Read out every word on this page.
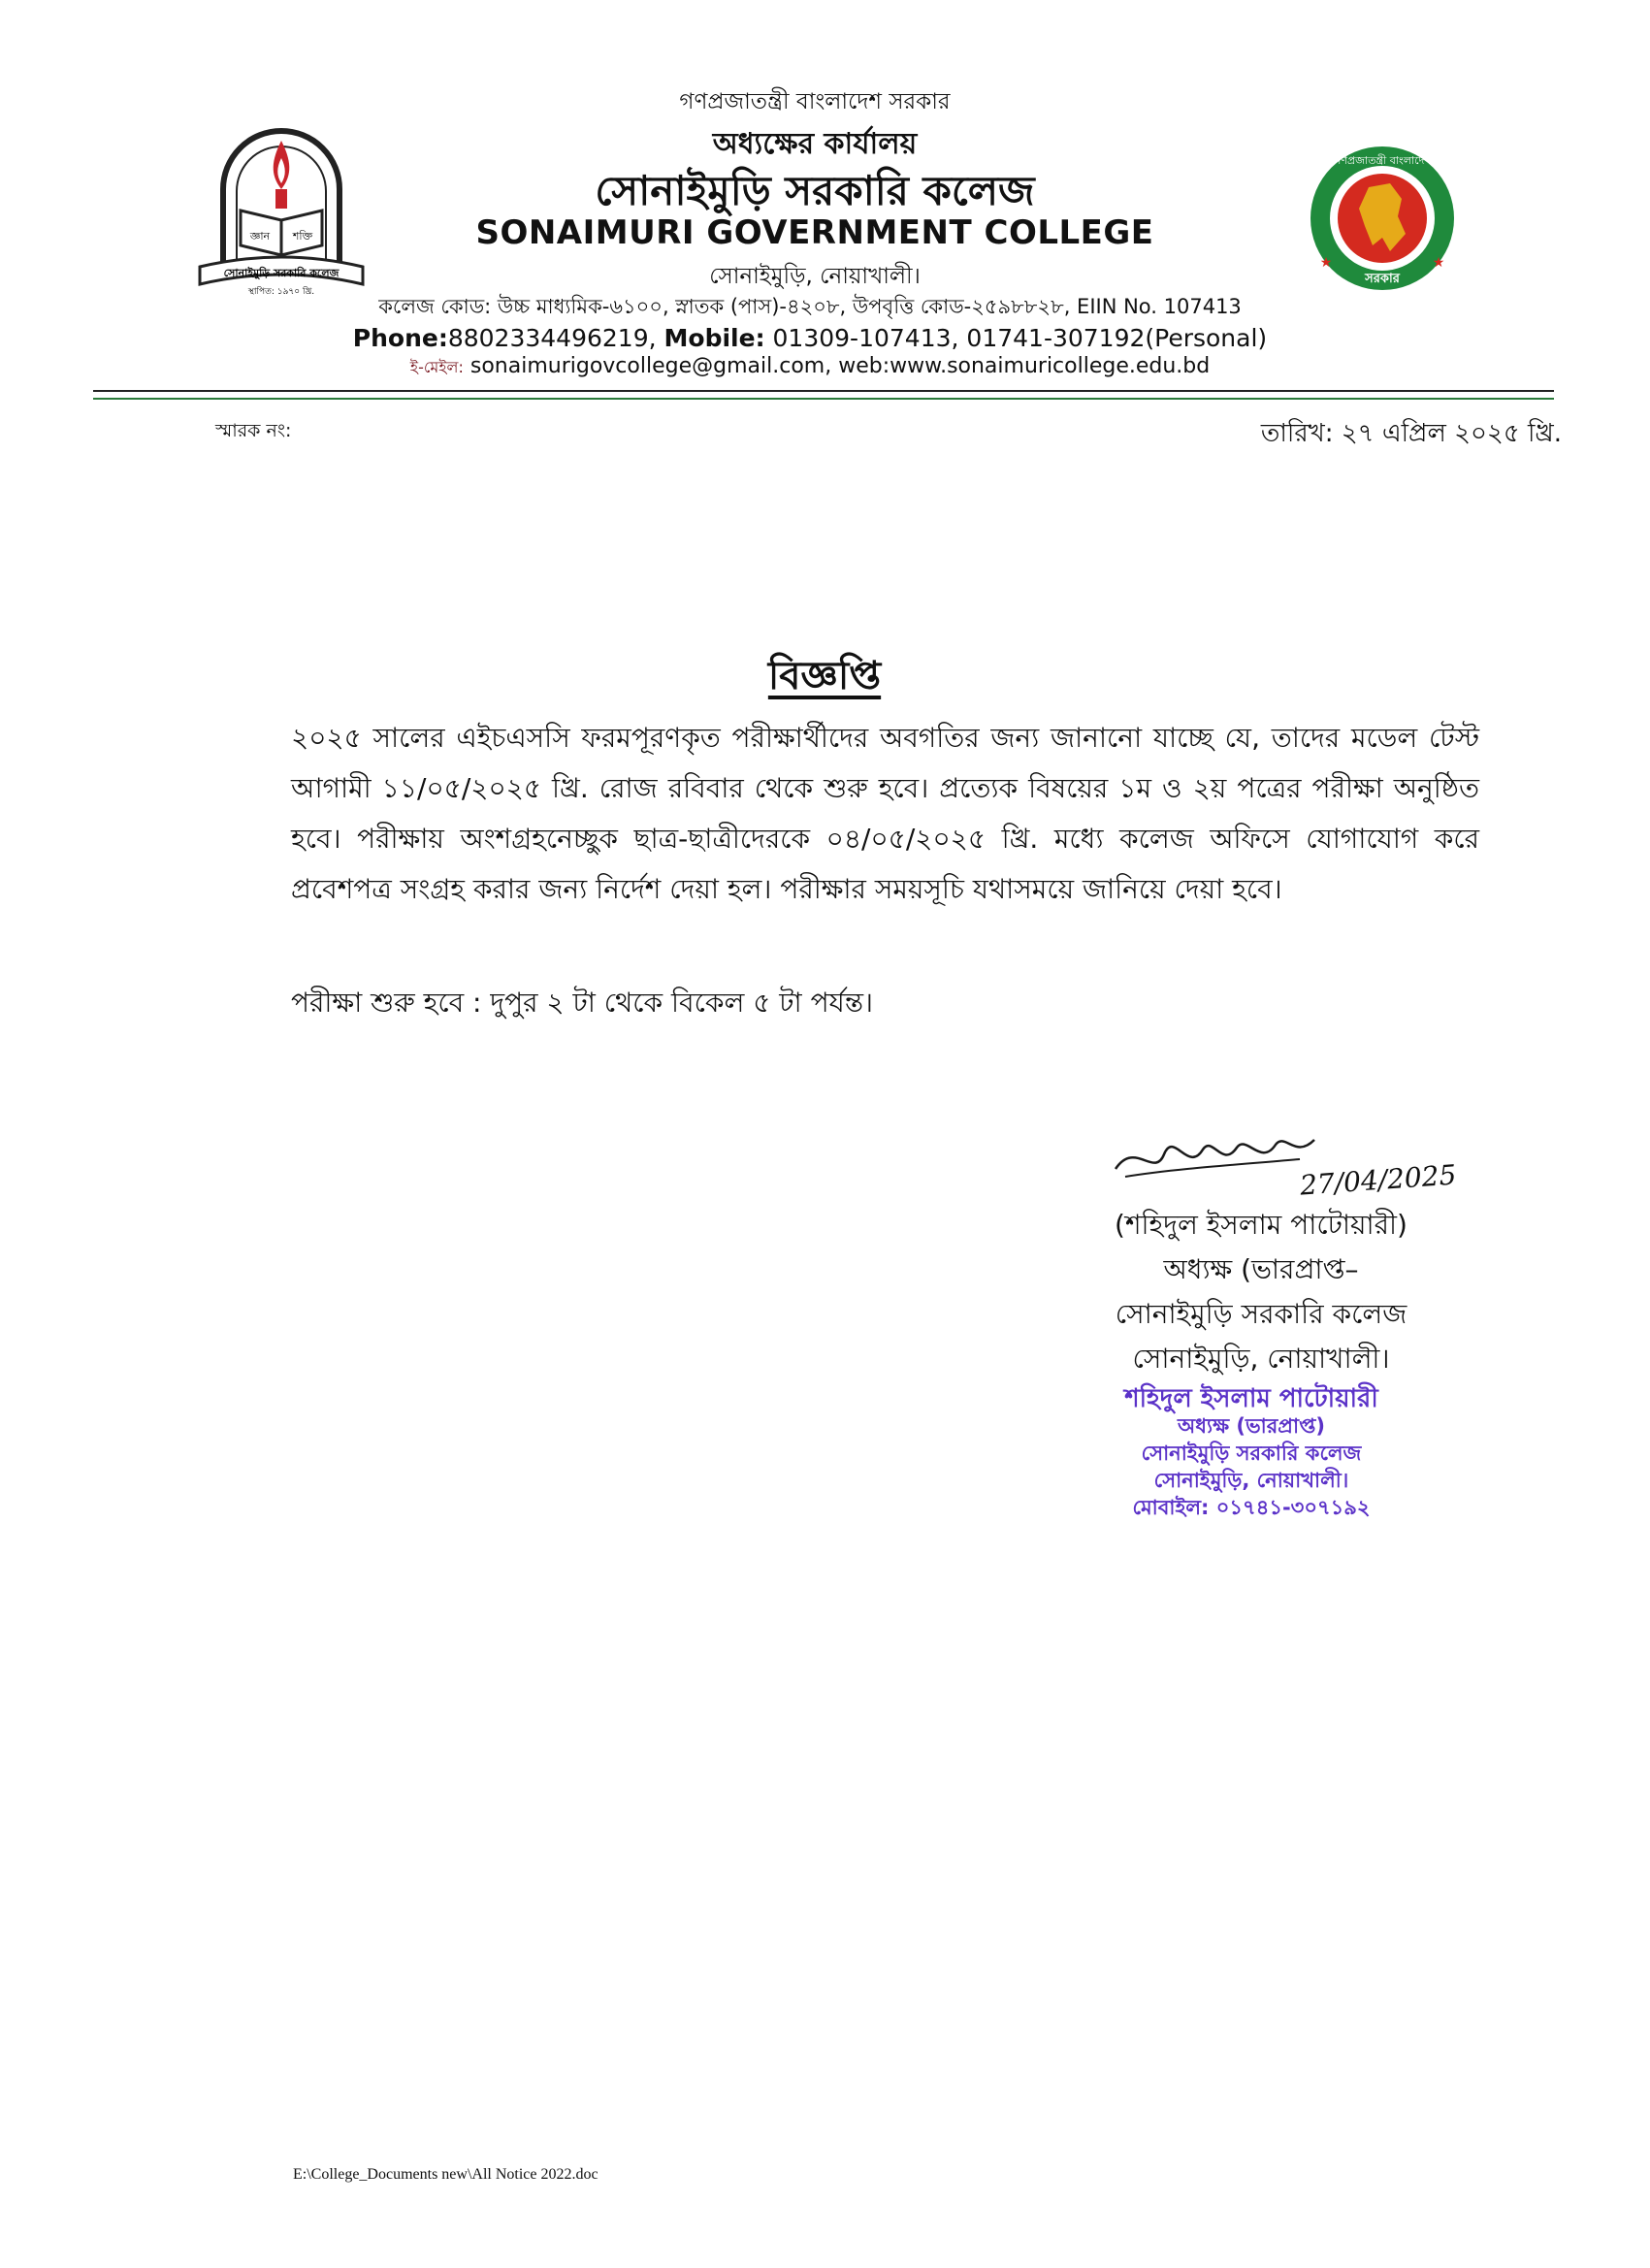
জ্ঞান শক্তি
সোনাইমুড়ি সরকারি কলেজ
স্থাপিত: ১৯৭০ খ্রি.
গণপ্রজাতন্ত্রী বাংলাদেশ
সরকার
★	★
গণপ্রজাতন্ত্রী বাংলাদেশ সরকার
অধ্যক্ষের কার্যালয়
সোনাইমুড়ি সরকারি কলেজ
SONAIMURI GOVERNMENT COLLEGE
সোনাইমুড়ি, নোয়াখালী।
কলেজ কোড: উচ্চ মাধ্যমিক-৬১০০, স্নাতক (পাস)-৪২০৮, উপবৃত্তি কোড-২৫৯৮৮২৮, EIIN No. 107413
Phone:8802334496219, Mobile: 01309-107413, 01741-307192(Personal)
ই-মেইল: sonaimurigovcollege@gmail.com, web:www.sonaimuricollege.edu.bd
স্মারক নং:	তারিখ: ২৭ এপ্রিল ২০২৫ খ্রি.
বিজ্ঞপ্তি
২০২৫ সালের এইচএসসি ফরমপূরণকৃত পরীক্ষার্থীদের অবগতির জন্য জানানো যাচ্ছে যে, তাদের মডেল টেস্ট আগামী ১১/০৫/২০২৫ খ্রি. রোজ রবিবার থেকে শুরু হবে। প্রত্যেক বিষয়ের ১ম ও ২য় পত্রের পরীক্ষা অনুষ্ঠিত হবে। পরীক্ষায় অংশগ্রহনেচ্ছুক ছাত্র-ছাত্রীদেরকে ০৪/০৫/২০২৫ খ্রি. মধ্যে কলেজ অফিসে যোগাযোগ করে প্রবেশপত্র সংগ্রহ করার জন্য নির্দেশ দেয়া হল। পরীক্ষার সময়সূচি যথাসময়ে জানিয়ে দেয়া হবে।
পরীক্ষা শুরু হবে : দুপুর ২ টা থেকে বিকেল ৫ টা পর্যন্ত।
27/04/2025
(শহিদুল ইসলাম পাটোয়ারী)
অধ্যক্ষ (ভারপ্রাপ্ত–
সোনাইমুড়ি সরকারি কলেজ
সোনাইমুড়ি, নোয়াখালী।
শহিদুল ইসলাম পাটোয়ারী
অধ্যক্ষ (ভারপ্রাপ্ত)
সোনাইমুড়ি সরকারি কলেজ
সোনাইমুড়ি, নোয়াখালী।
মোবাইল: ০১৭৪১-৩০৭১৯২
E:\College_Documents new\All Notice 2022.doc
